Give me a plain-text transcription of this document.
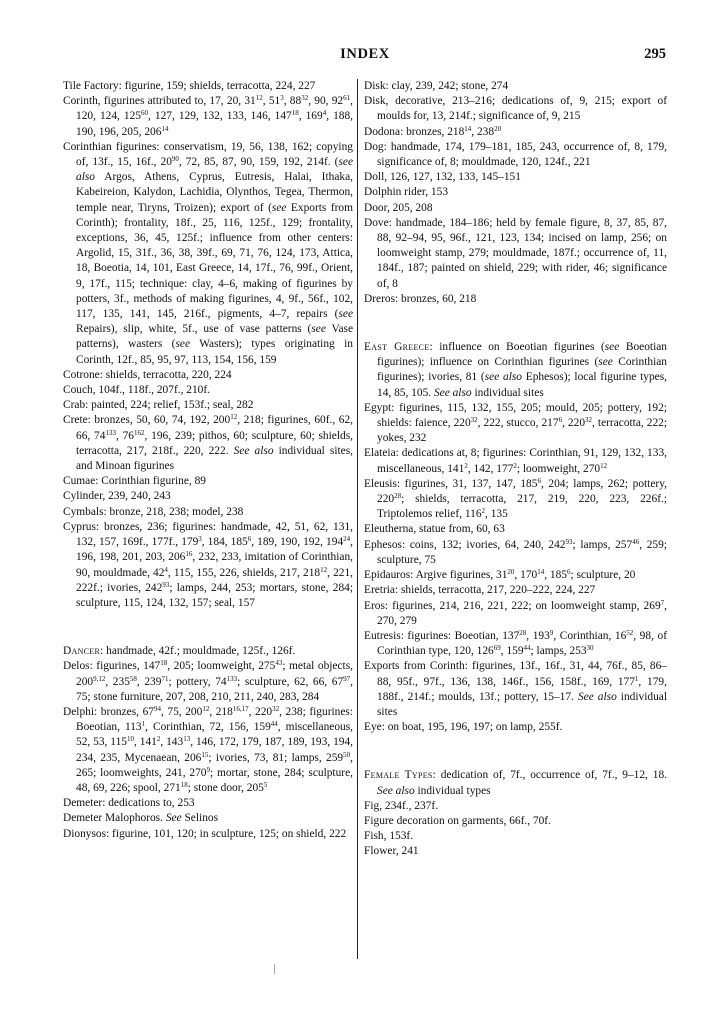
INDEX	295

Tile Factory: figurine, 159; shields, terracotta, 224, 227

Corinth, figurines attributed to, 17, 20, $31^{12}$, $51^3$, $88^{32}$, 90, $92^{61}$, 120, 124, $125^{60}$, 127, 129, 132, 133, 146, $147^{18}$, $169^4$, 188, 190, 196, 205, $206^{14}$

Corinthian figurines: conservatism, 19, 56, 138, 162; copying of, 13f., 15, 16f., $20^{90}$, 72, 85, 87, 90, 159, 192, 214f. (see also Argos, Athens, Cyprus, Eutresis, Halai, Ithaka, Kabeireion, Kalydon, Lachidia, Olynthos, Tegea, Thermon, temple near, Tiryns, Troizen); export of (see Exports from Corinth); frontality, 18f., 25, 116, 125f., 129; frontality, exceptions, 36, 45, 125f.; influence from other centers: Argolid, 15, 31f., 36, 38, 39f., 69, 71, 76, 124, 173, Attica, 18, Boeotia, 14, 101, East Greece, 14, 17f., 76, 99f., Orient, 9, 17f., 115; technique: clay, 4–6, making of figurines by potters, 3f., methods of making figurines, 4, 9f., 56f., 102, 117, 135, 141, 145, 216f., pigments, 4–7, repairs (see Repairs), slip, white, 5f., use of vase patterns (see Vase patterns), wasters (see Wasters); types originating in Corinth, 12f., 85, 95, 97, 113, 154, 156, 159

Cotrone: shields, terracotta, 220, 224

Couch, 104f., 118f., 207f., 210f.

Crab: painted, 224; relief, 153f.; seal, 282

Crete: bronzes, 50, 60, 74, 192, $200^{12}$, 218; figurines, 60f., 62, 66, $74^{133}$, $76^{162}$, 196, 239; pithos, 60; sculpture, 60; shields, terracotta, 217, 218f., 220, 222. See also individual sites, and Minoan figurines

Cumae: Corinthian figurine, 89

Cylinder, 239, 240, 243

Cymbals: bronze, 218, 238; model, 238

Cyprus: bronzes, 236; figurines: handmade, 42, 51, 62, 131, 132, 157, 169f., 177f., $179^3$, 184, $185^6$, 189, 190, 192, $194^{24}$, 196, 198, 201, 203, $206^{16}$, 232, 233, imitation of Corinthian, 90, mouldmade, $42^4$, 115, 155, 226, shields, 217, $218^{12}$, 221, 222f.; ivories, $242^{93}$; lamps, 244, 253; mortars, stone, 284; sculpture, 115, 124, 132, 157; seal, 157

Dancer: handmade, 42f.; mouldmade, 125f., 126f.

Delos: figurines, $147^{18}$, 205; loomweight, $275^{43}$; metal objects, 200$^{9,12}$, $235^{58}$, $239^{71}$; pottery, $74^{133}$; sculpture, 62, 66, $67^{97}$, 75; stone furniture, 207, 208, 210, 211, 240, 283, 284

Delphi: bronzes, $67^{94}$, 75, $200^{12}$, 218$^{16,17}$, $220^{32}$, 238; figurines: Boeotian, $113^1$, Corinthian, 72, 156, $159^{44}$, miscellaneous, 52, 53, $115^{10}$, $141^2$, $143^{13}$, 146, 172, 179, 187, 189, 193, 194, 234, 235, Mycenaean, $206^{15}$; ivories, 73, 81; lamps, $259^{50}$, 265; loomweights, 241, $270^9$; mortar, stone, 284; sculpture, 48, 69, 226; spool, $271^{18}$; stone door, $205^5$

Demeter: dedications to, 253

Demeter Malophoros. See Selinos

Dionysos: figurine, 101, 120; in sculpture, 125; on shield, 222

Disk: clay, 239, 242; stone, 274

Disk, decorative, 213–216; dedications of, 9, 215; export of moulds for, 13, 214f.; significance of, 9, 215

Dodona: bronzes, $218^{14}$, $238^{20}$

Dog: handmade, 174, 179–181, 185, 243, occurrence of, 8, 179, significance of, 8; mouldmade, 120, 124f., 221

Doll, 126, 127, 132, 133, 145–151

Dolphin rider, 153

Door, 205, 208

Dove: handmade, 184–186; held by female figure, 8, 37, 85, 87, 88, 92–94, 95, 96f., 121, 123, 134; incised on lamp, 256; on loomweight stamp, 279; mouldmade, 187f.; occurrence of, 11, 184f., 187; painted on shield, 229; with rider, 46; significance of, 8

Dreros: bronzes, 60, 218

East Greece: influence on Boeotian figurines (see Boeotian figurines); influence on Corinthian figurines (see Corinthian figurines); ivories, 81 (see also Ephesos); local figurine types, 14, 85, 105. See also individual sites

Egypt: figurines, 115, 132, 155, 205; mould, 205; pottery, 192; shields: faience, $220^{32}$, 222, stucco, $217^6$, $220^{32}$, terracotta, 222; yokes, 232

Elateia: dedications at, 8; figurines: Corinthian, 91, 129, 132, 133, miscellaneous, $141^2$, 142, $177^2$; loomweight, $270^{12}$

Eleusis: figurines, 31, 137, 147, $185^6$, 204; lamps, 262; pottery, $220^{28}$; shields, terracotta, 217, 219, 220, 223, 226f.; Triptolemos relief, $116^2$, 135

Eleutherna, statue from, 60, 63

Ephesos: coins, 132; ivories, 64, 240, $242^{93}$; lamps, $257^{46}$, 259; sculpture, 75

Epidauros: Argive figurines, $31^{20}$, $170^{14}$, $185^6$; sculpture, 20

Eretria: shields, terracotta, 217, 220–222, 224, 227

Eros: figurines, 214, 216, 221, 222; on loomweight stamp, $269^7$, 270, 279

Eutresis: figurines: Boeotian, $137^{28}$, $193^9$, Corinthian, $16^{52}$, 98, of Corinthian type, 120, $126^{69}$, $159^{44}$; lamps, $253^{30}$

Exports from Corinth: figurines, 13f., 16f., 31, 44, 76f., 85, 86–88, 95f., 97f., 136, 138, 146f., 156, 158f., 169, $177^1$, 179, 188f., 214f.; moulds, 13f.; pottery, 15–17. See also individual sites

Eye: on boat, 195, 196, 197; on lamp, 255f.

Female Types: dedication of, 7f., occurrence of, 7f., 9–12, 18. See also individual types

Fig, 234f., 237f.

Figure decoration on garments, 66f., 70f.

Fish, 153f.

Flower, 241
